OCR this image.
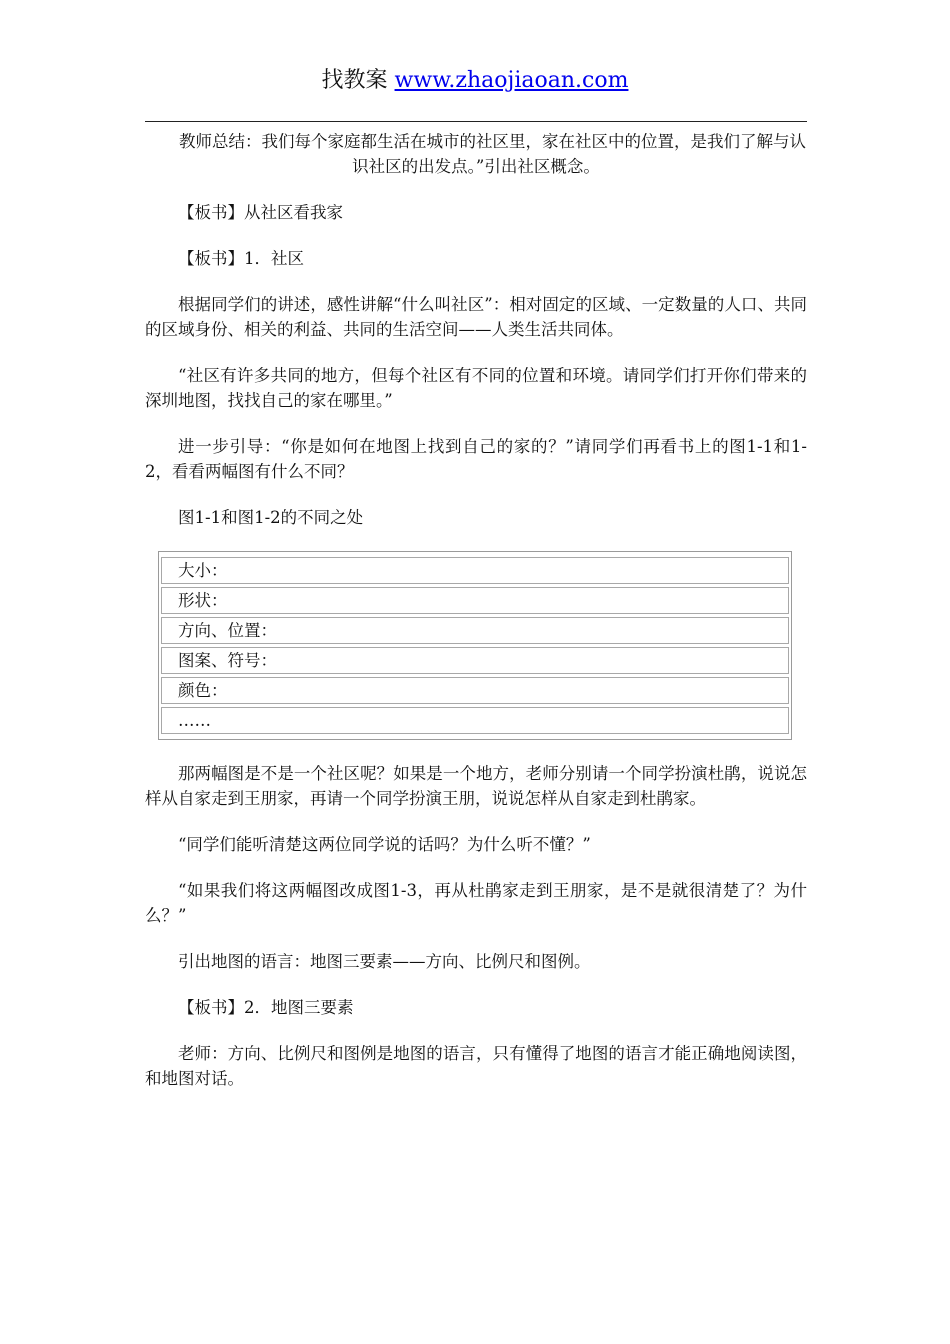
找教案 www.zhaojiaoan.com

教师总结：我们每个家庭都生活在城市的社区里，家在社区中的位置，是我们了解与认识社区的出发点。”引出社区概念。

【板书】从社区看我家

【板书】1．社区

根据同学们的讲述，感性讲解“什么叫社区”：相对固定的区域、一定数量的人口、共同的区域身份、相关的利益、共同的生活空间——人类生活共同体。

“社区有许多共同的地方，但每个社区有不同的位置和环境。请同学们打开你们带来的深圳地图，找找自己的家在哪里。”

进一步引导：“你是如何在地图上找到自己的家的？”请同学们再看书上的图1-1和1-2，看看两幅图有什么不同？

图1-1和图1-2的不同之处

大小：
形状：
方向、位置：
图案、符号：
颜色：
……

那两幅图是不是一个社区呢？如果是一个地方，老师分别请一个同学扮演杜鹃，说说怎样从自家走到王朋家，再请一个同学扮演王朋，说说怎样从自家走到杜鹃家。

“同学们能听清楚这两位同学说的话吗？为什么听不懂？”

“如果我们将这两幅图改成图1-3，再从杜鹃家走到王朋家，是不是就很清楚了？为什么？”

引出地图的语言：地图三要素——方向、比例尺和图例。

【板书】2．地图三要素

老师：方向、比例尺和图例是地图的语言，只有懂得了地图的语言才能正确地阅读图，和地图对话。
